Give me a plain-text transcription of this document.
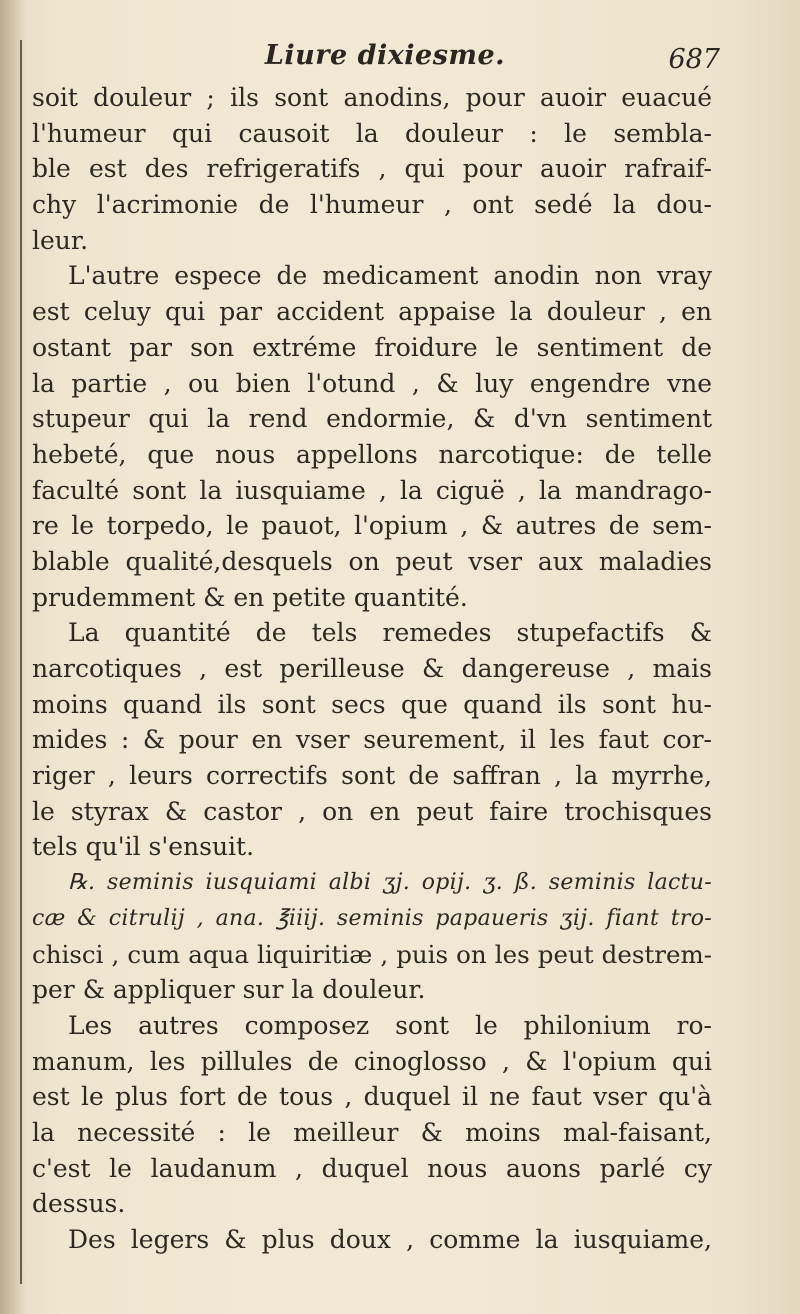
Liure dixiesme.	687
soit douleur ; ils sont anodins, pour auoir euacué
l'humeur qui causoit la douleur : le sembla-
ble est des refrigeratifs , qui pour auoir rafraif-
chy l'acrimonie de l'humeur , ont sedé la dou-
leur.
L'autre espece de medicament anodin non vray
est celuy qui par accident appaise la douleur , en
ostant par son extréme froidure le sentiment de
la partie , ou bien l'otund , & luy engendre vne
stupeur qui la rend endormie, & d'vn sentiment
hebeté, que nous appellons narcotique: de telle
faculté sont la iusquiame , la ciguë , la mandrago-
re le torpedo, le pauot, l'opium , & autres de sem-
blable qualité,desquels on peut vser aux maladies
prudemment & en petite quantité.
La quantité de tels remedes stupefactifs &
narcotiques , est perilleuse & dangereuse , mais
moins quand ils sont secs que quand ils sont hu-
mides : & pour en vser seurement, il les faut cor-
riger , leurs correctifs sont de saffran , la myrrhe,
le styrax & castor , on en peut faire trochisques
tels qu'il s'ensuit.
℞. seminis iusquiami albi ʒj. opij. ʒ. ß. seminis lactu-
cæ & citrulij , ana. ℥iiij. seminis papaueris ʒij. fiant tro-
chisci , cum aqua liquiritiæ , puis on les peut destrem-
per & appliquer sur la douleur.
Les autres composez sont le philonium ro-
manum, les pillules de cinoglosso , & l'opium qui
est le plus fort de tous , duquel il ne faut vser qu'à
la necessité : le meilleur & moins mal-faisant,
c'est le laudanum , duquel nous auons parlé cy
dessus.
Des legers & plus doux , comme la iusquiame,
